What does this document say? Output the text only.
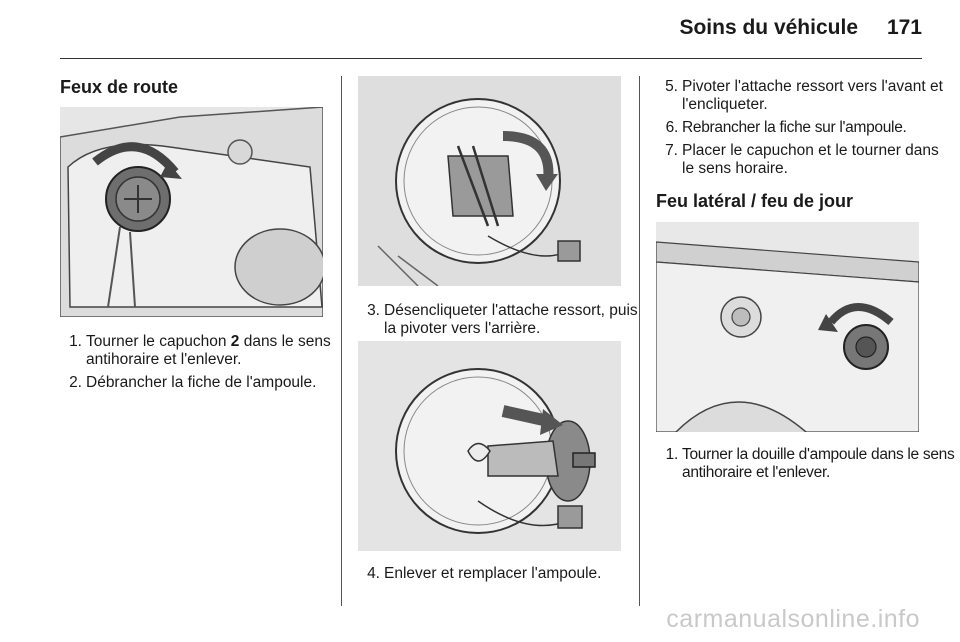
Soins du véhicule 171
Feux de route
1. Tourner le capuchon 2 dans le sens antihoraire et l'enlever.
2. Débrancher la fiche de l'ampoule.
3. Désencliqueter l'attache ressort, puis la pivoter vers l'arrière.
4. Enlever et remplacer l'ampoule.
5. Pivoter l'attache ressort vers l'avant et l'encliqueter.
6. Rebrancher la fiche sur l'ampoule.
7. Placer le capuchon et le tourner dans le sens horaire.
Feu latéral / feu de jour
1. Tourner la douille d'ampoule dans le sens antihoraire et l'enlever.
carmanualsonline.info
